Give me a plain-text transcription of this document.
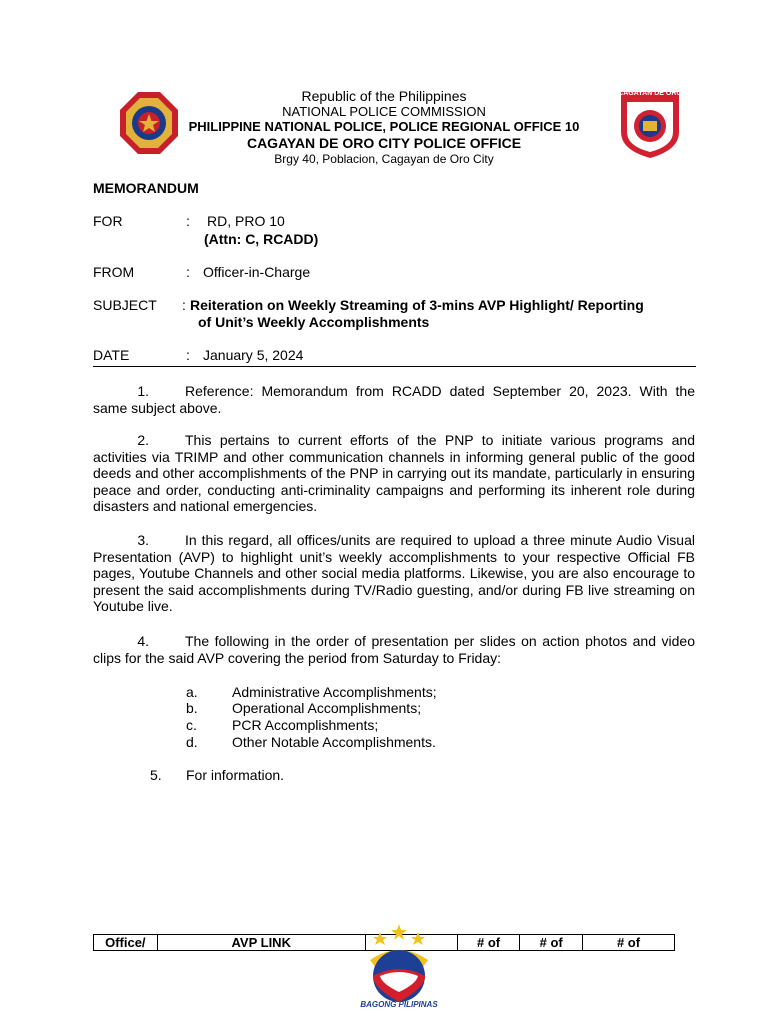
CAGAYAN DE ORO
Republic of the Philippines
NATIONAL POLICE COMMISSION
PHILIPPINE NATIONAL POLICE, POLICE REGIONAL OFFICE 10
CAGAYAN DE ORO CITY POLICE OFFICE
Brgy 40, Poblacion, Cagayan de Oro City
MEMORANDUM
FOR	: RD, PRO 10
(Attn: C, RCADD)
FROM	: Officer-in-Charge
SUBJECT : Reiteration on Weekly Streaming of 3-mins AVP Highlight/ Reporting
of Unit’s Weekly Accomplishments
DATE	: January 5, 2024
1.	Reference: Memorandum from RCADD dated September 20, 2023. With the same subject above.
2.	This pertains to current efforts of the PNP to initiate various programs and activities via TRIMP and other communication channels in informing general public of the good deeds and other accomplishments of the PNP in carrying out its mandate, particularly in ensuring peace and order, conducting anti-criminality campaigns and performing its inherent role during disasters and national emergencies.
3.	In this regard, all offices/units are required to upload a three minute Audio Visual Presentation (AVP) to highlight unit’s weekly accomplishments to your respective Official FB pages, Youtube Channels and other social media platforms. Likewise, you are also encourage to present the said accomplishments during TV/Radio guesting, and/or during FB live streaming on Youtube live.
4.	The following in the order of presentation per slides on action photos and video clips for the said AVP covering the period from Saturday to Friday:
a. Administrative Accomplishments;
b. Operational Accomplishments;
c.	PCR Accomplishments;
d. Other Notable Accomplishments.
5. For information.
Office/	AVP LINK		# of	# of	# of
BAGONG PILIPINAS
